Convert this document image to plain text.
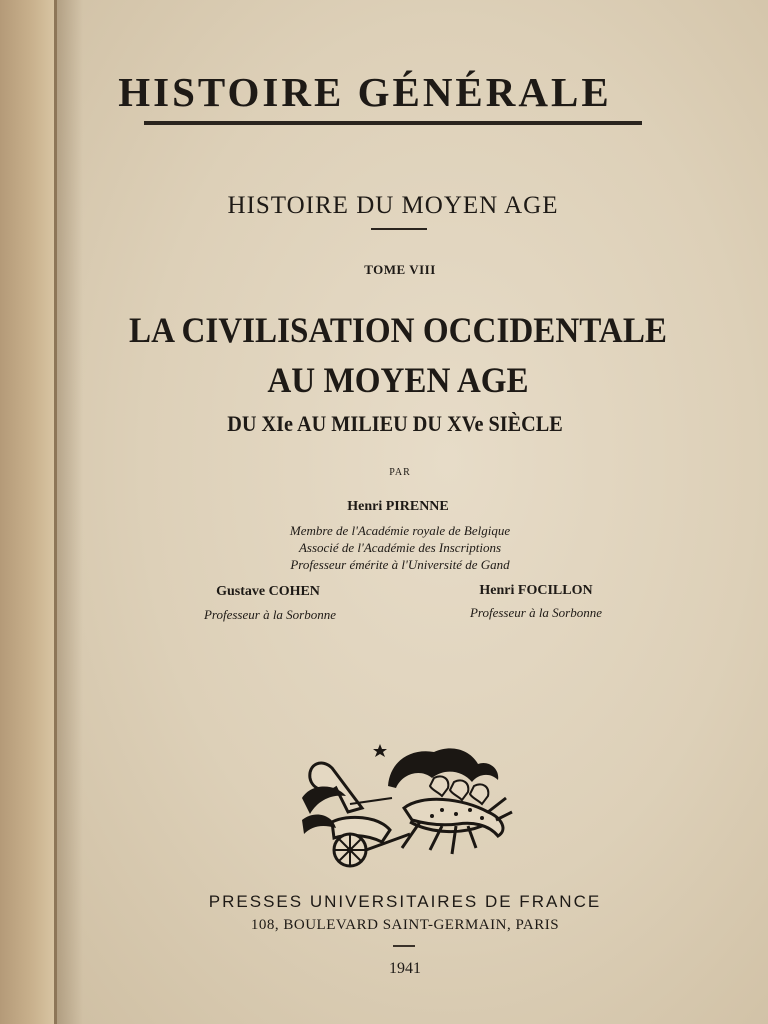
HISTOIRE GÉNÉRALE
HISTOIRE DU MOYEN AGE
TOME VIII
LA CIVILISATION OCCIDENTALE
AU MOYEN AGE
DU XIe AU MILIEU DU XVe SIÈCLE
PAR
Henri PIRENNE
Membre de l'Académie royale de Belgique
Associé de l'Académie des Inscriptions
Professeur émérite à l'Université de Gand
Gustave COHEN
Professeur à la Sorbonne
Henri FOCILLON
Professeur à la Sorbonne
PRESSES UNIVERSITAIRES DE FRANCE
108, BOULEVARD SAINT-GERMAIN, PARIS
1941
